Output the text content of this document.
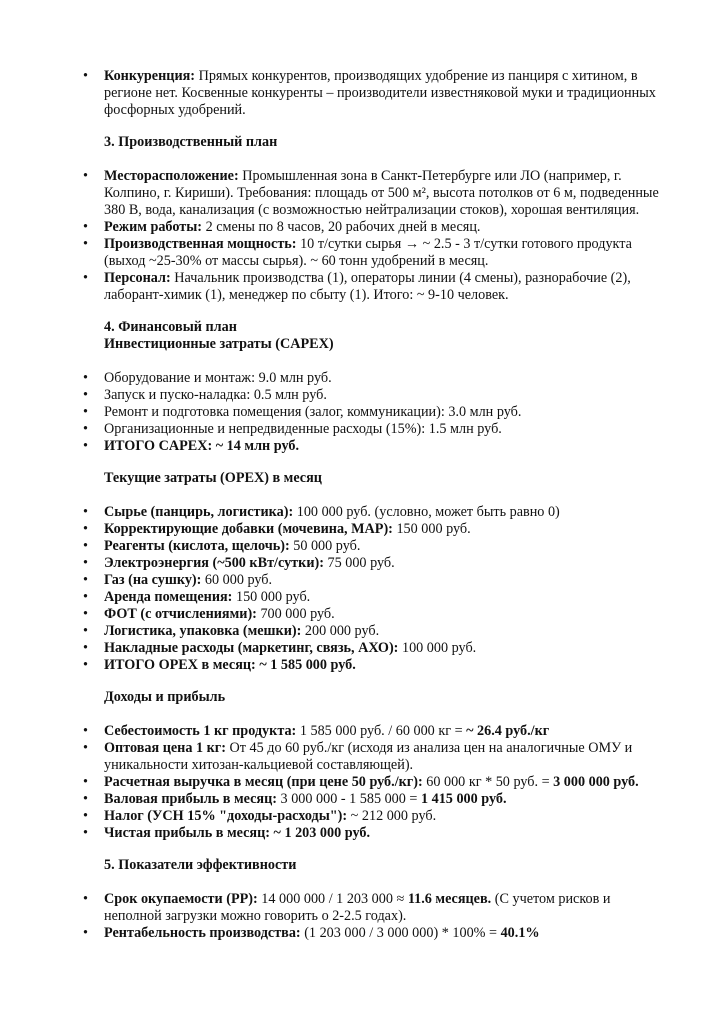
• Конкуренция: Прямых конкурентов, производящих удобрение из панциря с хитином, в регионе нет. Косвенные конкуренты – производители известняковой муки и традиционных фосфорных удобрений.
3. Производственный план
• Месторасположение: Промышленная зона в Санкт-Петербурге или ЛО (например, г. Колпино, г. Кириши). Требования: площадь от 500 м², высота потолков от 6 м, подведенные 380 В, вода, канализация (с возможностью нейтрализации стоков), хорошая вентиляция.
• Режим работы: 2 смены по 8 часов, 20 рабочих дней в месяц.
• Производственная мощность: 10 т/сутки сырья → ~ 2.5 - 3 т/сутки готового продукта (выход ~25-30% от массы сырья). ~ 60 тонн удобрений в месяц.
• Персонал: Начальник производства (1), операторы линии (4 смены), разнорабочие (2), лаборант-химик (1), менеджер по сбыту (1). Итого: ~ 9-10 человек.
4. Финансовый план
Инвестиционные затраты (CAPEX)
• Оборудование и монтаж: 9.0 млн руб.
• Запуск и пуско-наладка: 0.5 млн руб.
• Ремонт и подготовка помещения (залог, коммуникации): 3.0 млн руб.
• Организационные и непредвиденные расходы (15%): 1.5 млн руб.
• ИТОГО CAPEX: ~ 14 млн руб.
Текущие затраты (OPEX) в месяц
• Сырье (панцирь, логистика): 100 000 руб. (условно, может быть равно 0)
• Корректирующие добавки (мочевина, МАР): 150 000 руб.
• Реагенты (кислота, щелочь): 50 000 руб.
• Электроэнергия (~500 кВт/сутки): 75 000 руб.
• Газ (на сушку): 60 000 руб.
• Аренда помещения: 150 000 руб.
• ФОТ (с отчислениями): 700 000 руб.
• Логистика, упаковка (мешки): 200 000 руб.
• Накладные расходы (маркетинг, связь, АХО): 100 000 руб.
• ИТОГО OPEX в месяц: ~ 1 585 000 руб.
Доходы и прибыль
• Себестоимость 1 кг продукта: 1 585 000 руб. / 60 000 кг = ~ 26.4 руб./кг
• Оптовая цена 1 кг: От 45 до 60 руб./кг (исходя из анализа цен на аналогичные ОМУ и уникальности хитозан-кальциевой составляющей).
• Расчетная выручка в месяц (при цене 50 руб./кг): 60 000 кг * 50 руб. = 3 000 000 руб.
• Валовая прибыль в месяц: 3 000 000 - 1 585 000 = 1 415 000 руб.
• Налог (УСН 15% "доходы-расходы"): ~ 212 000 руб.
• Чистая прибыль в месяц: ~ 1 203 000 руб.
5. Показатели эффективности
• Срок окупаемости (PP): 14 000 000 / 1 203 000 ≈ 11.6 месяцев. (С учетом рисков и неполной загрузки можно говорить о 2-2.5 годах).
• Рентабельность производства: (1 203 000 / 3 000 000) * 100% = 40.1%
